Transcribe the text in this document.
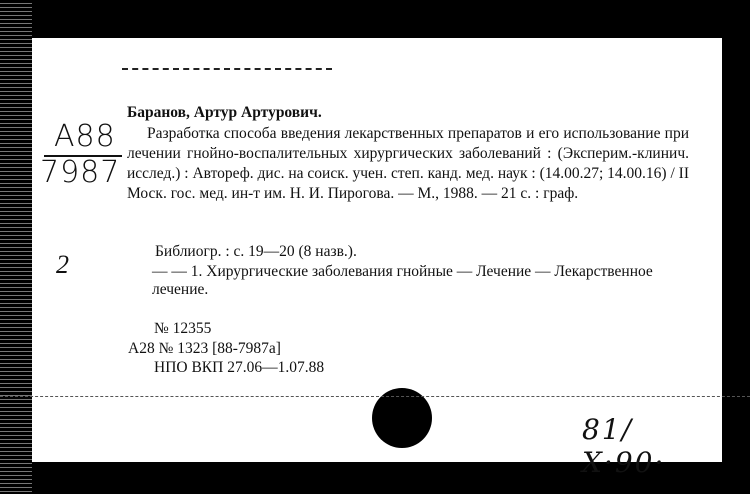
А88
7987
2
Баранов, Артур Артурович.
Разработка способа введения лекарственных препаратов и его использование при лечении гнойно-воспалительных хирургических заболеваний : (Эксперим.-клинич. исслед.) : Автореф. дис. на соиск. учен. степ. канд. мед. наук : (14.00.27; 14.00.16) / II Моск. гос. мед. ин-т им. Н. И. Пирогова. — М., 1988. — 21 с. : граф.
Библиогр. : с. 19—20 (8 назв.).
— — 1. Хирургические заболевания гнойные — Лечение — Лекарственное лечение.
№ 12355
А28 № 1323 [88-7987а]
НПО ВКП 27.06—1.07.88
81/ X·90·
